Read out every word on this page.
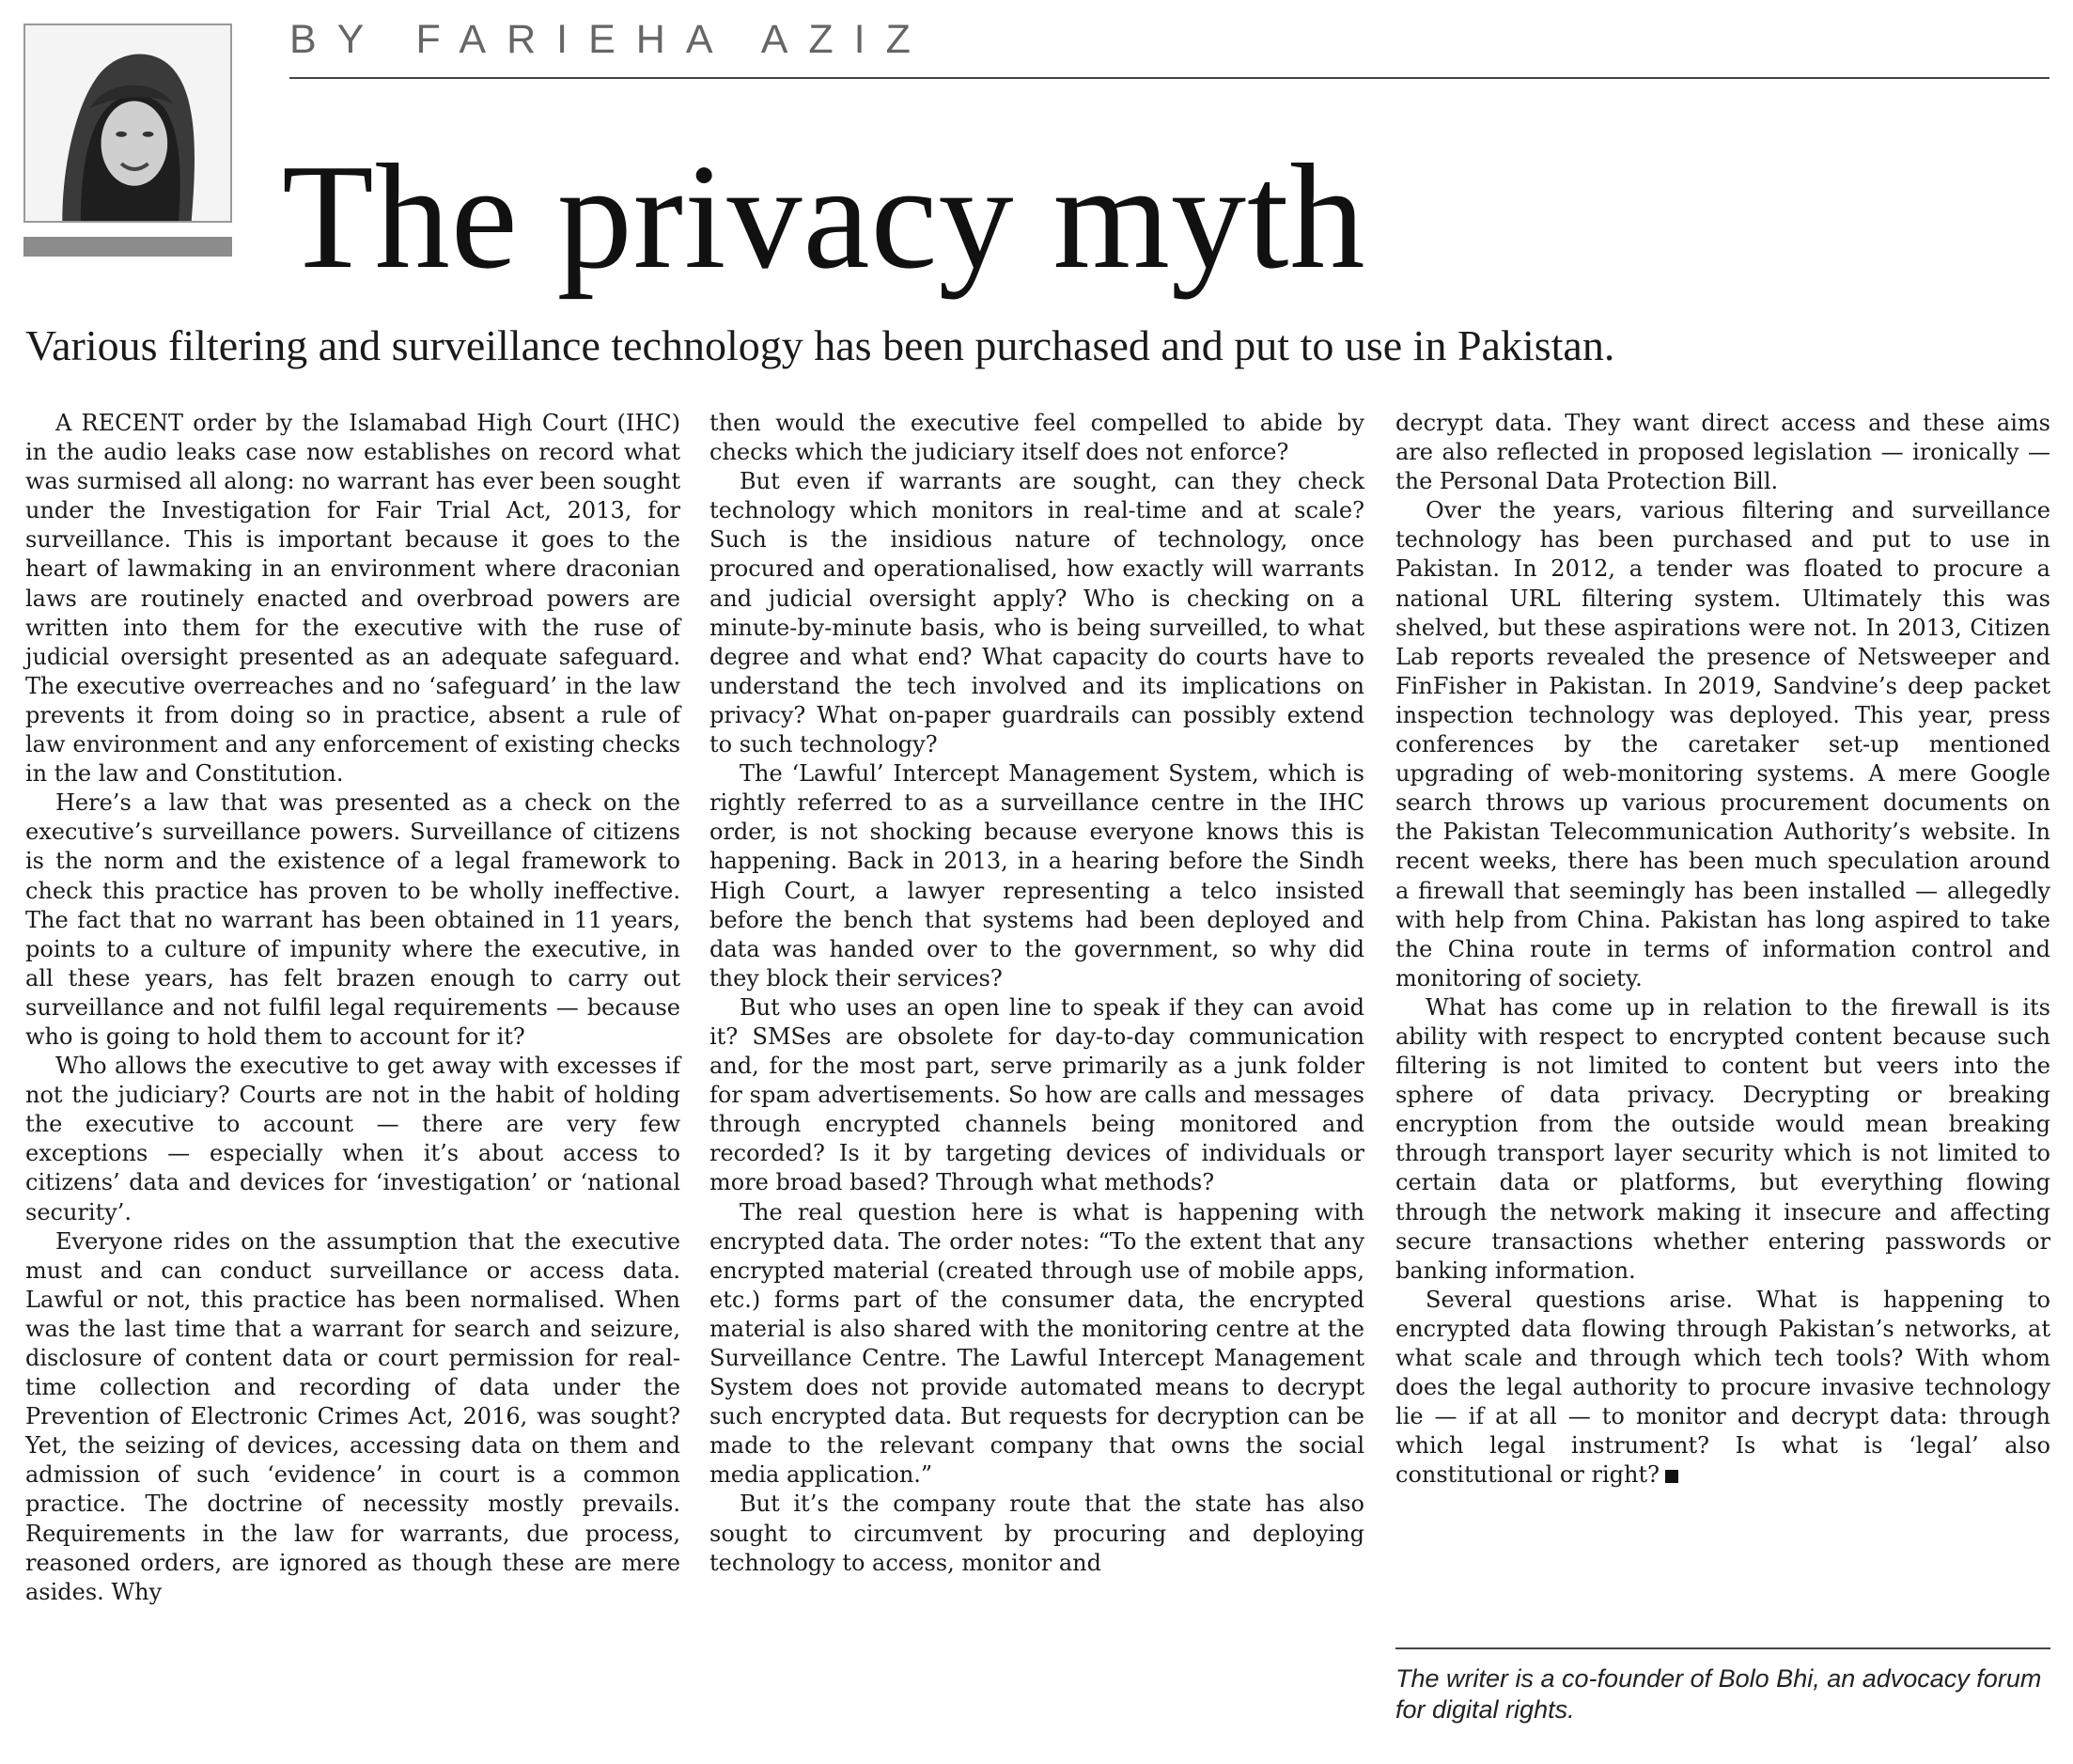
BY FARIEHA AZIZ
The privacy myth
Various filtering and surveillance technology has been purchased and put to use in Pakistan.

A RECENT order by the Islamabad High Court (IHC) in the audio leaks case now establishes on record what was surmised all along: no warrant has ever been sought under the Investigation for Fair Trial Act, 2013, for surveillance. This is important because it goes to the heart of lawmaking in an environment where draconian laws are routinely enacted and overbroad powers are written into them for the executive with the ruse of judicial oversight presented as an adequate safeguard. The executive overreaches and no ‘safeguard’ in the law prevents it from doing so in practice, absent a rule of law environment and any enforcement of existing checks in the law and Constitution.

Here’s a law that was presented as a check on the executive’s surveillance powers. Surveillance of citizens is the norm and the existence of a legal framework to check this practice has proven to be wholly ineffective. The fact that no warrant has been obtained in 11 years, points to a culture of impunity where the executive, in all these years, has felt brazen enough to carry out surveillance and not fulfil legal requirements — because who is going to hold them to account for it?

Who allows the executive to get away with excesses if not the judiciary? Courts are not in the habit of holding the executive to account — there are very few exceptions — especially when it’s about access to citizens’ data and devices for ‘investigation’ or ‘national security’.

Everyone rides on the assumption that the executive must and can conduct surveillance or access data. Lawful or not, this practice has been normalised. When was the last time that a warrant for search and seizure, disclosure of content data or court permission for real-time collection and recording of data under the Prevention of Electronic Crimes Act, 2016, was sought? Yet, the seizing of devices, accessing data on them and admission of such ‘evidence’ in court is a common practice. The doctrine of necessity mostly prevails. Requirements in the law for warrants, due process, reasoned orders, are ignored as though these are mere asides. Why

then would the executive feel compelled to abide by checks which the judiciary itself does not enforce?

But even if warrants are sought, can they check technology which monitors in real-time and at scale? Such is the insidious nature of technology, once procured and operationalised, how exactly will warrants and judicial oversight apply? Who is checking on a minute-by-minute basis, who is being surveilled, to what degree and what end? What capacity do courts have to understand the tech involved and its implications on privacy? What on-paper guardrails can possibly extend to such technology?

The ‘Lawful’ Intercept Management System, which is rightly referred to as a surveillance centre in the IHC order, is not shocking because everyone knows this is happening. Back in 2013, in a hearing before the Sindh High Court, a lawyer representing a telco insisted before the bench that systems had been deployed and data was handed over to the government, so why did they block their services?

But who uses an open line to speak if they can avoid it? SMSes are obsolete for day-to-day communication and, for the most part, serve primarily as a junk folder for spam advertisements. So how are calls and messages through encrypted channels being monitored and recorded? Is it by targeting devices of individuals or more broad based? Through what methods?

The real question here is what is happening with encrypted data. The order notes: “To the extent that any encrypted material (created through use of mobile apps, etc.) forms part of the consumer data, the encrypted material is also shared with the monitoring centre at the Surveillance Centre. The Lawful Intercept Management System does not provide automated means to decrypt such encrypted data. But requests for decryption can be made to the relevant company that owns the social media application.”

But it’s the company route that the state has also sought to circumvent by procuring and deploying technology to access, monitor and

decrypt data. They want direct access and these aims are also reflected in proposed legislation — ironically — the Personal Data Protection Bill.

Over the years, various filtering and surveillance technology has been purchased and put to use in Pakistan. In 2012, a tender was floated to procure a national URL filtering system. Ultimately this was shelved, but these aspirations were not. In 2013, Citizen Lab reports revealed the presence of Netsweeper and FinFisher in Pakistan. In 2019, Sandvine’s deep packet inspection technology was deployed. This year, press conferences by the caretaker set-up mentioned upgrading of web-monitoring systems. A mere Google search throws up various procurement documents on the Pakistan Telecommunication Authority’s website. In recent weeks, there has been much speculation around a firewall that seemingly has been installed — allegedly with help from China. Pakistan has long aspired to take the China route in terms of information control and monitoring of society.

What has come up in relation to the firewall is its ability with respect to encrypted content because such filtering is not limited to content but veers into the sphere of data privacy. Decrypting or breaking encryption from the outside would mean breaking through transport layer security which is not limited to certain data or platforms, but everything flowing through the network making it insecure and affecting secure transactions whether entering passwords or banking information.

Several questions arise. What is happening to encrypted data flowing through Pakistan’s networks, at what scale and through which tech tools? With whom does the legal authority to procure invasive technology lie — if at all — to monitor and decrypt data: through which legal instrument? Is what is ‘legal’ also constitutional or right?

The writer is a co-founder of Bolo Bhi, an advocacy forum for digital rights.
